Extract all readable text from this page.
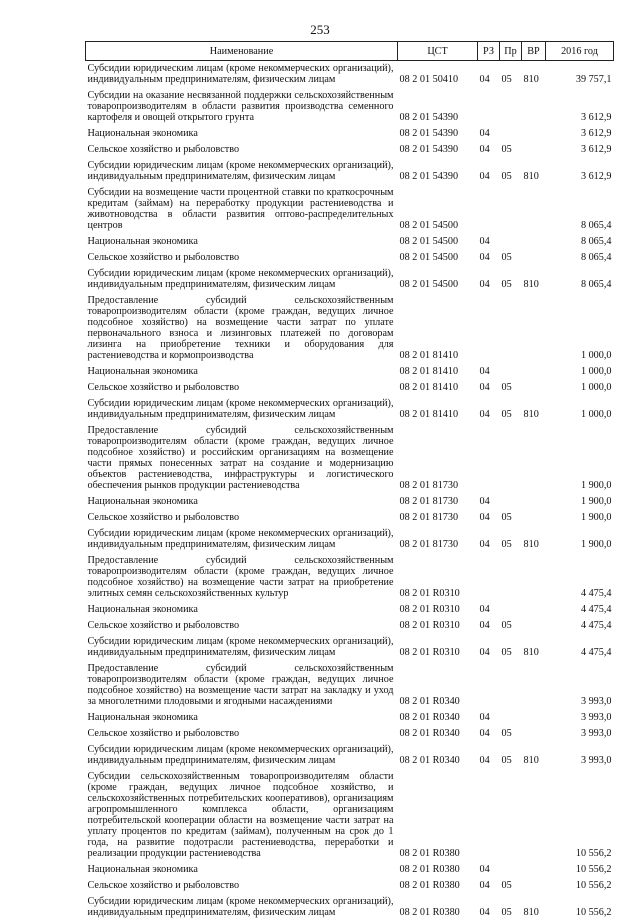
253
Наименование	ЦСТ	РЗ	Пр	ВР	2016 год
Субсидии юридическим лицам (кроме некоммерческих организаций), индивидуальным предпринимателям, физическим лицам	08 2 01 50410	04	05	810	39 757,1
Субсидии на оказание несвязанной поддержки сельскохозяйственным товаропроизводителям в области развития производства семенного картофеля и овощей открытого грунта	08 2 01 54390				3 612,9
Национальная экономика	08 2 01 54390	04			3 612,9
Сельское хозяйство и рыболовство	08 2 01 54390	04	05		3 612,9
Субсидии юридическим лицам (кроме некоммерческих организаций), индивидуальным предпринимателям, физическим лицам	08 2 01 54390	04	05	810	3 612,9
Субсидии на возмещение части процентной ставки по краткосрочным кредитам (займам) на переработку продукции растениеводства и животноводства в области развития оптово-распределительных центров	08 2 01 54500				8 065,4
Национальная экономика	08 2 01 54500	04			8 065,4
Сельское хозяйство и рыболовство	08 2 01 54500	04	05		8 065,4
Субсидии юридическим лицам (кроме некоммерческих организаций), индивидуальным предпринимателям, физическим лицам	08 2 01 54500	04	05	810	8 065,4
Предоставление субсидий сельскохозяйственным товаропроизводителям области (кроме граждан, ведущих личное подсобное хозяйство) на возмещение части затрат по уплате первоначального взноса и лизинговых платежей по договорам лизинга на приобретение техники и оборудования для растениеводства и кормопроизводства	08 2 01 81410				1 000,0
Национальная экономика	08 2 01 81410	04			1 000,0
Сельское хозяйство и рыболовство	08 2 01 81410	04	05		1 000,0
Субсидии юридическим лицам (кроме некоммерческих организаций), индивидуальным предпринимателям, физическим лицам	08 2 01 81410	04	05	810	1 000,0
Предоставление субсидий сельскохозяйственным товаропроизводителям области (кроме граждан, ведущих личное подсобное хозяйство) и российским организациям на возмещение части прямых понесенных затрат на создание и модернизацию объектов растениеводства, инфраструктуры и логистического обеспечения рынков продукции растениеводства	08 2 01 81730				1 900,0
Национальная экономика	08 2 01 81730	04			1 900,0
Сельское хозяйство и рыболовство	08 2 01 81730	04	05		1 900,0
Субсидии юридическим лицам (кроме некоммерческих организаций), индивидуальным предпринимателям, физическим лицам	08 2 01 81730	04	05	810	1 900,0
Предоставление субсидий сельскохозяйственным товаропроизводителям области (кроме граждан, ведущих личное подсобное хозяйство) на возмещение части затрат на приобретение элитных семян сельскохозяйственных культур	08 2 01 R0310				4 475,4
Национальная экономика	08 2 01 R0310	04			4 475,4
Сельское хозяйство и рыболовство	08 2 01 R0310	04	05		4 475,4
Субсидии юридическим лицам (кроме некоммерческих организаций), индивидуальным предпринимателям, физическим лицам	08 2 01 R0310	04	05	810	4 475,4
Предоставление субсидий сельскохозяйственным товаропроизводителям области (кроме граждан, ведущих личное подсобное хозяйство) на возмещение части затрат на закладку и уход за многолетними плодовыми и ягодными насаждениями	08 2 01 R0340				3 993,0
Национальная экономика	08 2 01 R0340	04			3 993,0
Сельское хозяйство и рыболовство	08 2 01 R0340	04	05		3 993,0
Субсидии юридическим лицам (кроме некоммерческих организаций), индивидуальным предпринимателям, физическим лицам	08 2 01 R0340	04	05	810	3 993,0
Субсидии сельскохозяйственным товаропроизводителям области (кроме граждан, ведущих личное подсобное хозяйство, и сельскохозяйственных потребительских кооперативов), организациям агропромышленного комплекса области, организациям потребительской кооперации области на возмещение части затрат на уплату процентов по кредитам (займам), полученным на срок до 1 года, на развитие подотрасли растениеводства, переработки и реализации продукции растениеводства	08 2 01 R0380				10 556,2
Национальная экономика	08 2 01 R0380	04			10 556,2
Сельское хозяйство и рыболовство	08 2 01 R0380	04	05		10 556,2
Субсидии юридическим лицам (кроме некоммерческих организаций), индивидуальным предпринимателям, физическим лицам	08 2 01 R0380	04	05	810	10 556,2
